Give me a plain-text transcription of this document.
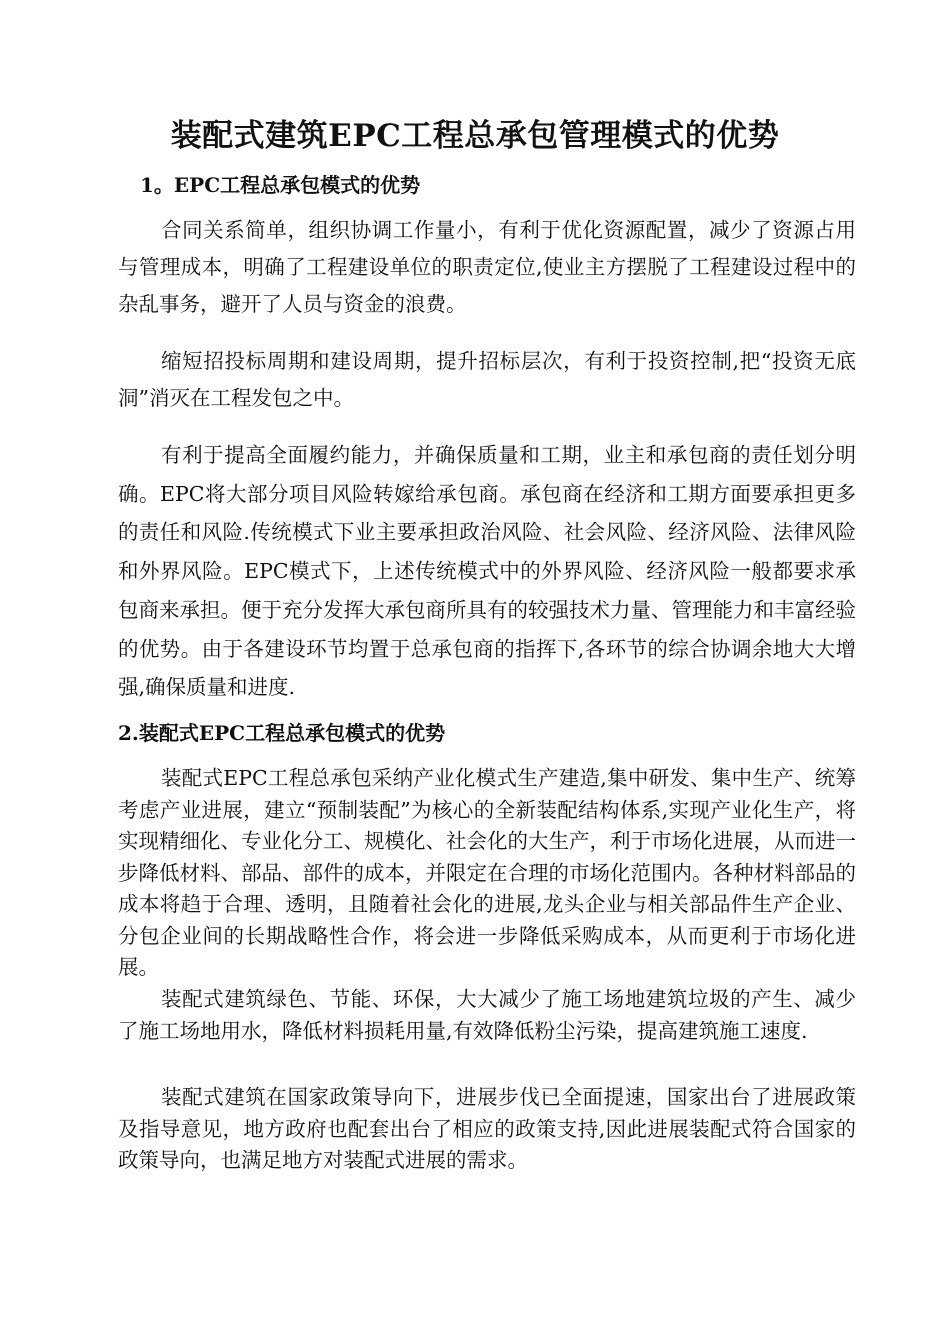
装配式建筑EPC工程总承包管理模式的优势
1。EPC工程总承包模式的优势

合同关系简单，组织协调工作量小，有利于优化资源配置，减少了资源占用与管理成本，明确了工程建设单位的职责定位,使业主方摆脱了工程建设过程中的杂乱事务，避开了人员与资金的浪费。

缩短招投标周期和建设周期，提升招标层次，有利于投资控制,把“投资无底洞”消灭在工程发包之中。

有利于提高全面履约能力，并确保质量和工期，业主和承包商的责任划分明确。EPC将大部分项目风险转嫁给承包商。承包商在经济和工期方面要承担更多的责任和风险.传统模式下业主要承担政治风险、社会风险、经济风险、法律风险和外界风险。EPC模式下，上述传统模式中的外界风险、经济风险一般都要求承包商来承担。便于充分发挥大承包商所具有的较强技术力量、管理能力和丰富经验的优势。由于各建设环节均置于总承包商的指挥下,各环节的综合协调余地大大增强,确保质量和进度.

2.装配式EPC工程总承包模式的优势

装配式EPC工程总承包采纳产业化模式生产建造,集中研发、集中生产、统筹考虑产业进展，建立“预制装配”为核心的全新装配结构体系,实现产业化生产，将实现精细化、专业化分工、规模化、社会化的大生产，利于市场化进展，从而进一步降低材料、部品、部件的成本，并限定在合理的市场化范围内。各种材料部品的成本将趋于合理、透明，且随着社会化的进展,龙头企业与相关部品件生产企业、分包企业间的长期战略性合作，将会进一步降低采购成本，从而更利于市场化进展。

装配式建筑绿色、节能、环保，大大减少了施工场地建筑垃圾的产生、减少了施工场地用水，降低材料损耗用量,有效降低粉尘污染，提高建筑施工速度.

装配式建筑在国家政策导向下，进展步伐已全面提速，国家出台了进展政策及指导意见，地方政府也配套出台了相应的政策支持,因此进展装配式符合国家的政策导向，也满足地方对装配式进展的需求。
